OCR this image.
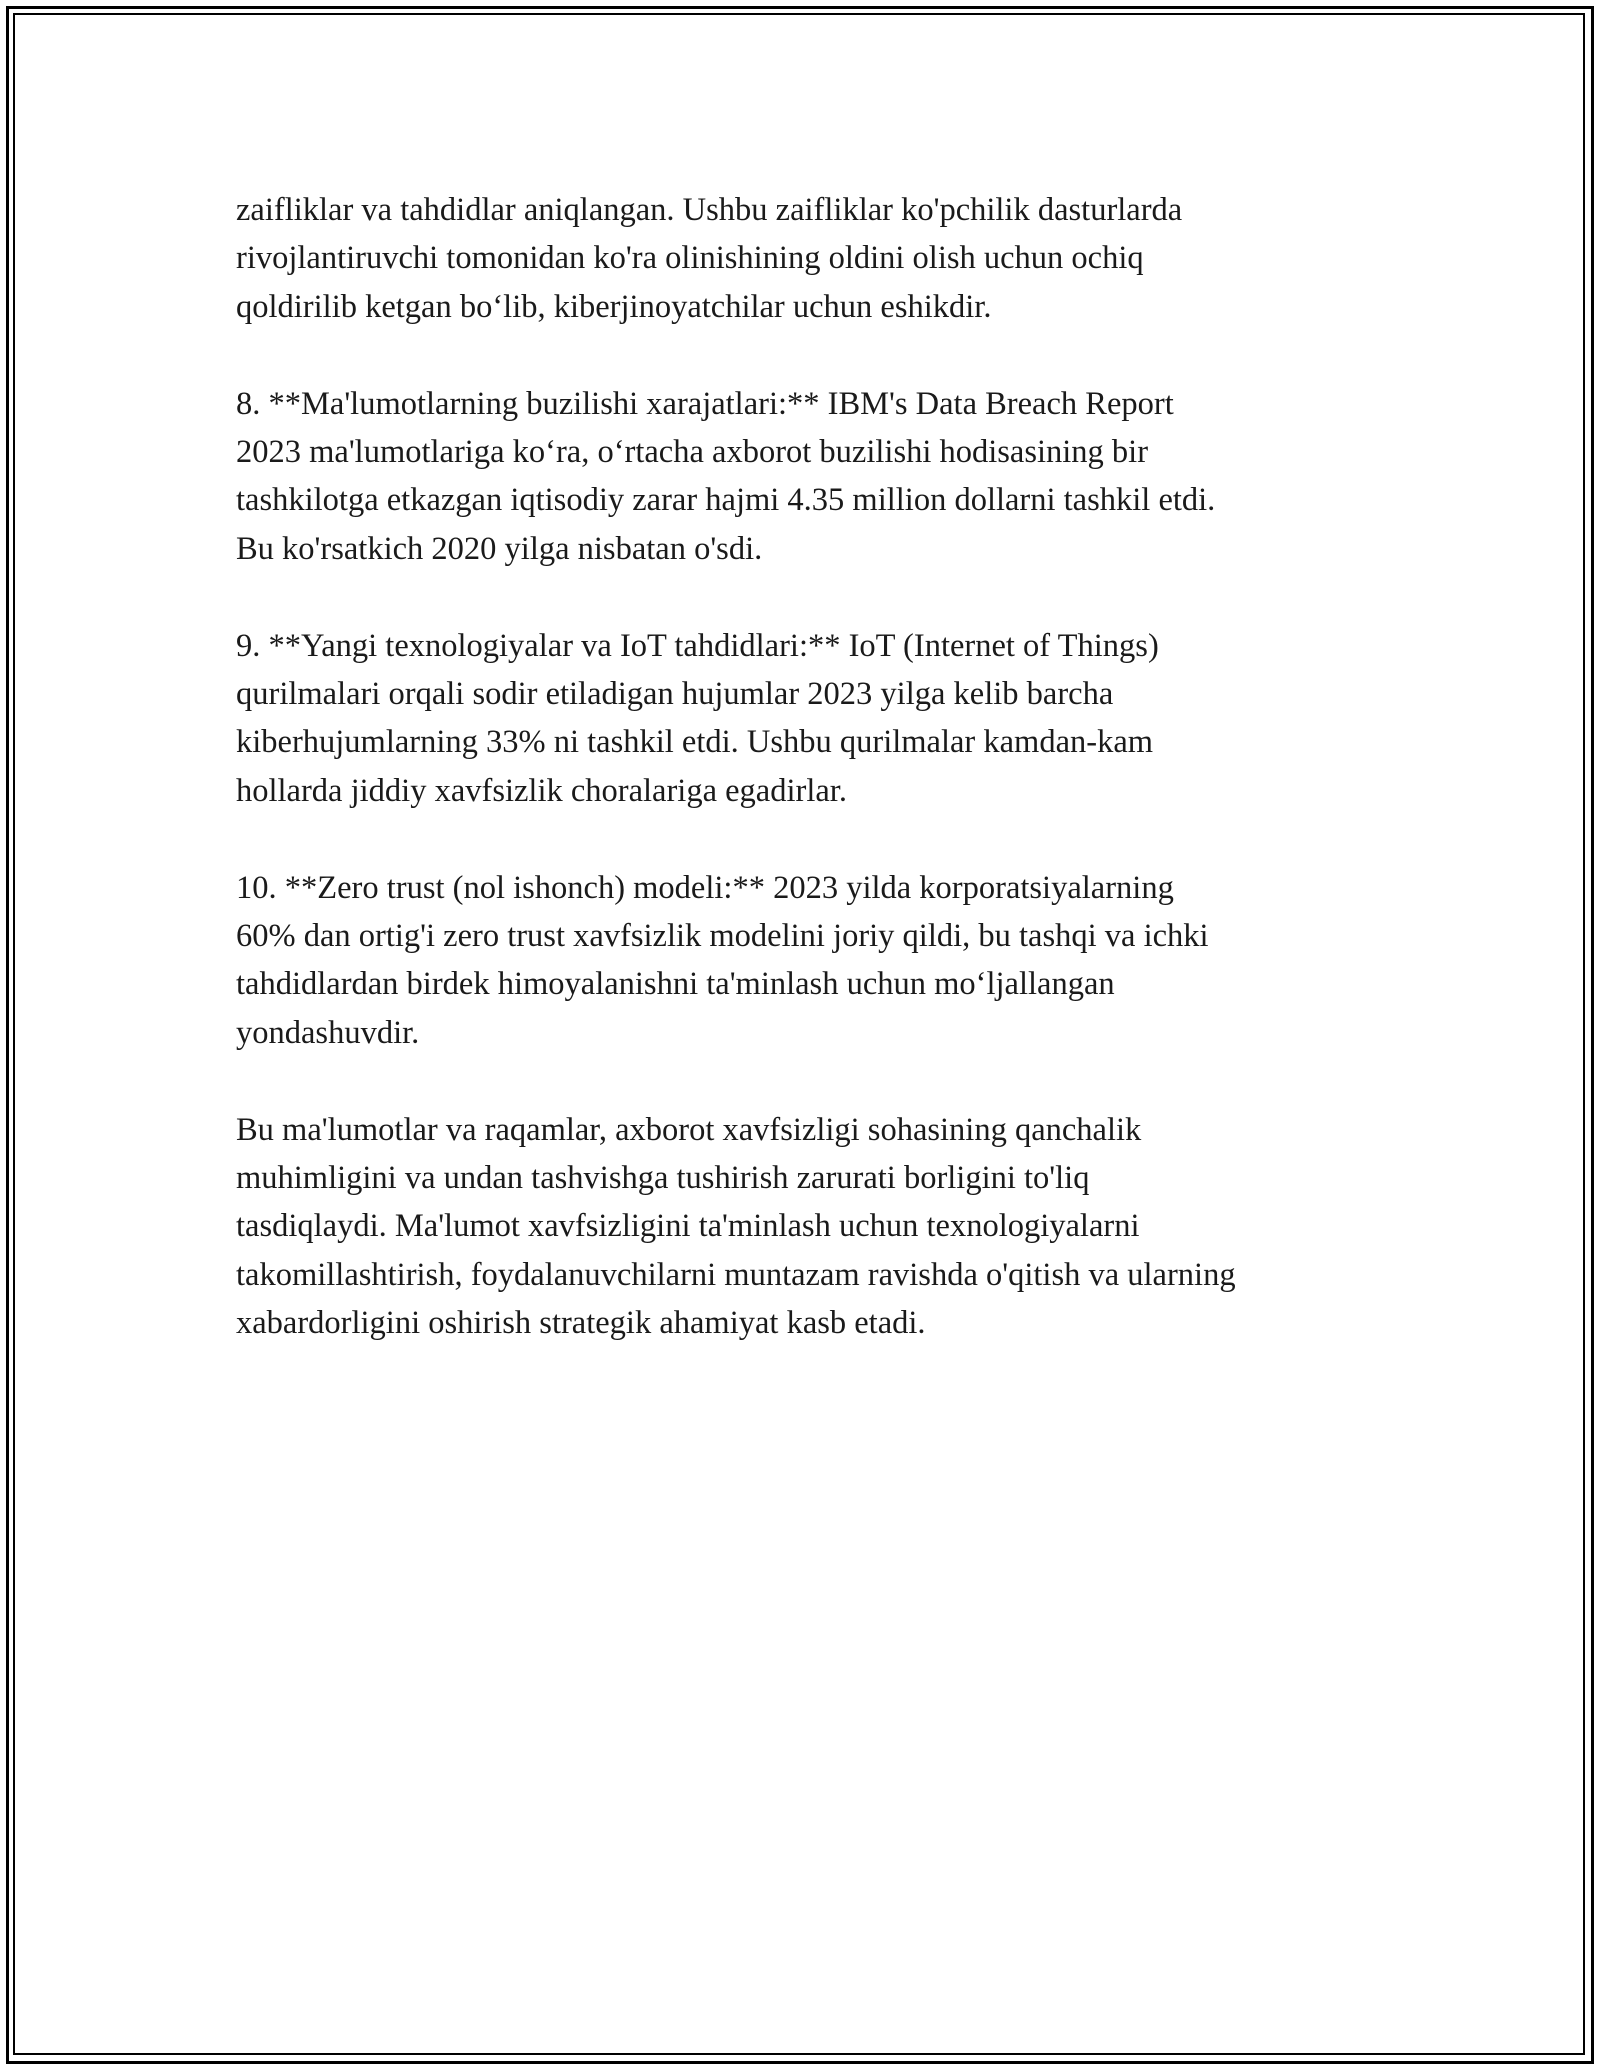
zaifliklar va tahdidlar aniqlangan. Ushbu zaifliklar ko'pchilik dasturlarda
rivojlantiruvchi tomonidan ko'ra olinishining oldini olish uchun ochiq
qoldirilib ketgan bo‘lib, kiberjinoyatchilar uchun eshikdir.

8. **Ma'lumotlarning buzilishi xarajatlari:** IBM's Data Breach Report
2023 ma'lumotlariga ko‘ra, o‘rtacha axborot buzilishi hodisasining bir
tashkilotga etkazgan iqtisodiy zarar hajmi 4.35 million dollarni tashkil etdi.
Bu ko'rsatkich 2020 yilga nisbatan o'sdi.

9. **Yangi texnologiyalar va IoT tahdidlari:** IoT (Internet of Things)
qurilmalari orqali sodir etiladigan hujumlar 2023 yilga kelib barcha
kiberhujumlarning 33% ni tashkil etdi. Ushbu qurilmalar kamdan-kam
hollarda jiddiy xavfsizlik choralariga egadirlar.

10. **Zero trust (nol ishonch) modeli:** 2023 yilda korporatsiyalarning
60% dan ortig'i zero trust xavfsizlik modelini joriy qildi, bu tashqi va ichki
tahdidlardan birdek himoyalanishni ta'minlash uchun mo‘ljallangan
yondashuvdir.

Bu ma'lumotlar va raqamlar, axborot xavfsizligi sohasining qanchalik
muhimligini va undan tashvishga tushirish zarurati borligini to'liq
tasdiqlaydi. Ma'lumot xavfsizligini ta'minlash uchun texnologiyalarni
takomillashtirish, foydalanuvchilarni muntazam ravishda o'qitish va ularning
xabardorligini oshirish strategik ahamiyat kasb etadi.
